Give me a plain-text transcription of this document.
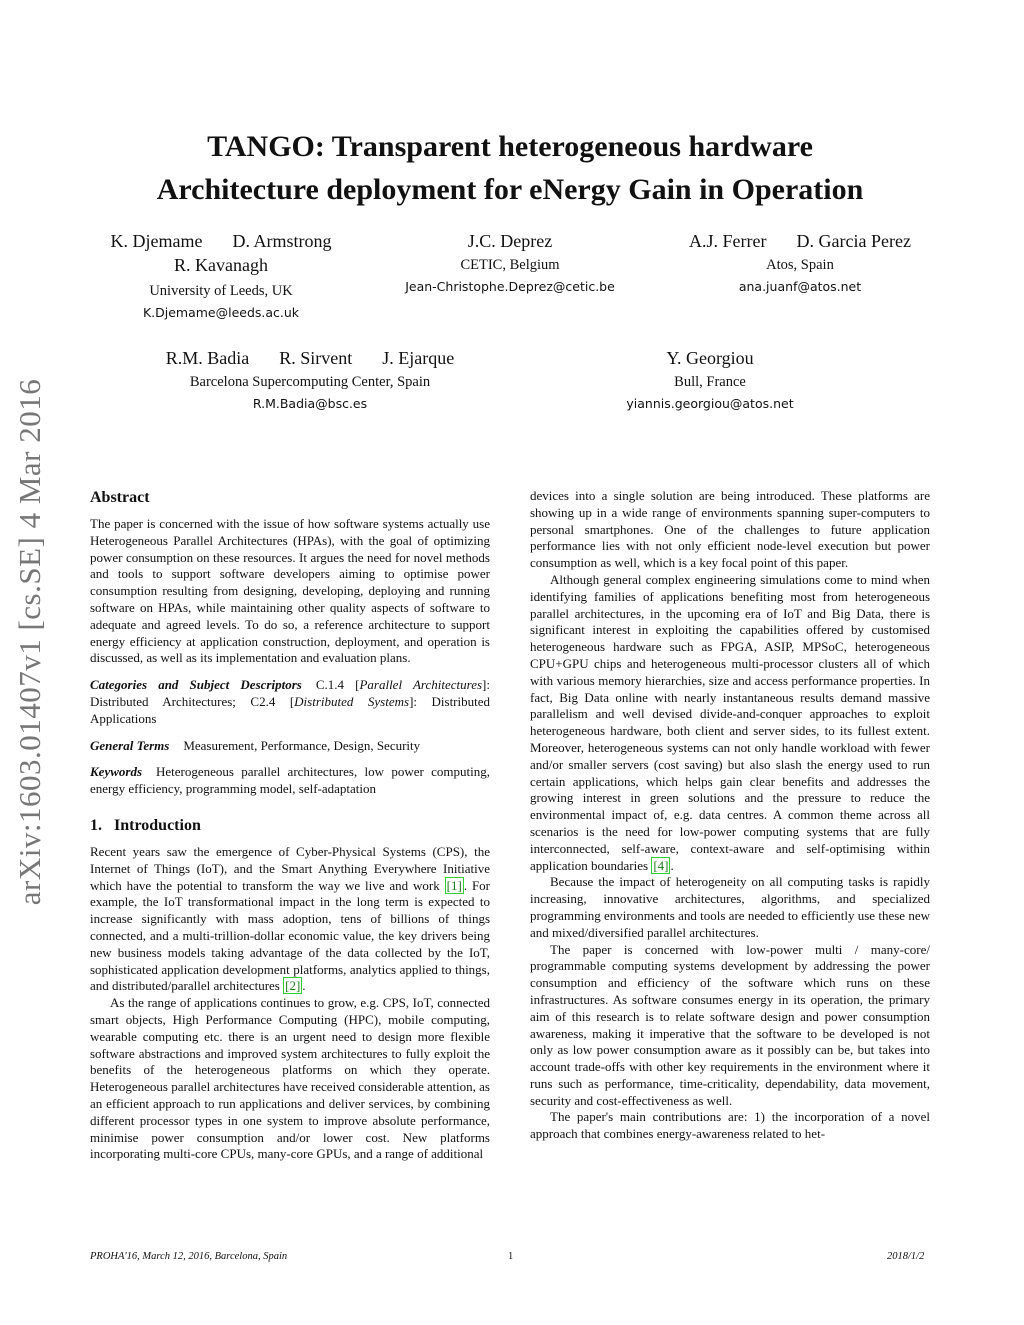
arXiv:1603.01407v1 [cs.SE] 4 Mar 2016
TANGO: Transparent heterogeneous hardware
Architecture deployment for eNergy Gain in Operation
K. Djemame D. Armstrong
R. Kavanagh
University of Leeds, UK
K.Djemame@leeds.ac.uk
J.C. Deprez
CETIC, Belgium
Jean-Christophe.Deprez@cetic.be
A.J. Ferrer D. Garcia Perez
Atos, Spain
ana.juanf@atos.net
R.M. Badia R. Sirvent J. Ejarque
Barcelona Supercomputing Center, Spain
R.M.Badia@bsc.es
Y. Georgiou
Bull, France
yiannis.georgiou@atos.net
Abstract

The paper is concerned with the issue of how software systems actually use Heterogeneous Parallel Architectures (HPAs), with the goal of optimizing power consumption on these resources. It argues the need for novel methods and tools to support software developers aiming to optimise power consumption resulting from designing, developing, deploying and running software on HPAs, while maintaining other quality aspects of software to adequate and agreed levels. To do so, a reference architecture to support energy efficiency at application construction, deployment, and operation is discussed, as well as its implementation and evaluation plans.

Categories and Subject Descriptors C.1.4 [Parallel Architectures]: Distributed Architectures; C2.4 [Distributed Systems]: Distributed Applications

General Terms Measurement, Performance, Design, Security

Keywords Heterogeneous parallel architectures, low power computing, energy efficiency, programming model, self-adaptation

1. Introduction

Recent years saw the emergence of Cyber-Physical Systems (CPS), the Internet of Things (IoT), and the Smart Anything Everywhere Initiative which have the potential to transform the way we live and work [1] . For example, the IoT transformational impact in the long term is expected to increase significantly with mass adoption, tens of billions of things connected, and a multi-trillion-dollar economic value, the key drivers being new business models taking advantage of the data collected by the IoT, sophisticated application development platforms, analytics applied to things, and distributed/parallel architectures [2] .

As the range of applications continues to grow, e.g. CPS, IoT, connected smart objects, High Performance Computing (HPC), mobile computing, wearable computing etc. there is an urgent need to design more flexible software abstractions and improved system architectures to fully exploit the benefits of the heterogeneous platforms on which they operate. Heterogeneous parallel architectures have received considerable attention, as an efficient approach to run applications and deliver services, by combining different processor types in one system to improve absolute performance, minimise power consumption and/or lower cost. New platforms incorporating multi-core CPUs, many-core GPUs, and a range of additional

devices into a single solution are being introduced. These platforms are showing up in a wide range of environments spanning super-computers to personal smartphones. One of the challenges to future application performance lies with not only efficient node-level execution but power consumption as well, which is a key focal point of this paper.

Although general complex engineering simulations come to mind when identifying families of applications benefiting most from heterogeneous parallel architectures, in the upcoming era of IoT and Big Data, there is significant interest in exploiting the capabilities offered by customised heterogeneous hardware such as FPGA, ASIP, MPSoC, heterogeneous CPU+GPU chips and heterogeneous multi-processor clusters all of which with various memory hierarchies, size and access performance properties. In fact, Big Data online with nearly instantaneous results demand massive parallelism and well devised divide-and-conquer approaches to exploit heterogeneous hardware, both client and server sides, to its fullest extent. Moreover, heterogeneous systems can not only handle workload with fewer and/or smaller servers (cost saving) but also slash the energy used to run certain applications, which helps gain clear benefits and addresses the growing interest in green solutions and the pressure to reduce the environmental impact of, e.g. data centres. A common theme across all scenarios is the need for low-power computing systems that are fully interconnected, self-aware, context-aware and self-optimising within application boundaries [4] .

Because the impact of heterogeneity on all computing tasks is rapidly increasing, innovative architectures, algorithms, and specialized programming environments and tools are needed to efficiently use these new and mixed/diversified parallel architectures.

The paper is concerned with low-power multi / many-core/ programmable computing systems development by addressing the power consumption and efficiency of the software which runs on these infrastructures. As software consumes energy in its operation, the primary aim of this research is to relate software design and power consumption awareness, making it imperative that the software to be developed is not only as low power consumption aware as it possibly can be, but takes into account trade-offs with other key requirements in the environment where it runs such as performance, time-criticality, dependability, data movement, security and cost-effectiveness as well.

The paper's main contributions are: 1) the incorporation of a novel approach that combines energy-awareness related to het-

PROHA'16, March 12, 2016, Barcelona, Spain	1	2018/1/2
